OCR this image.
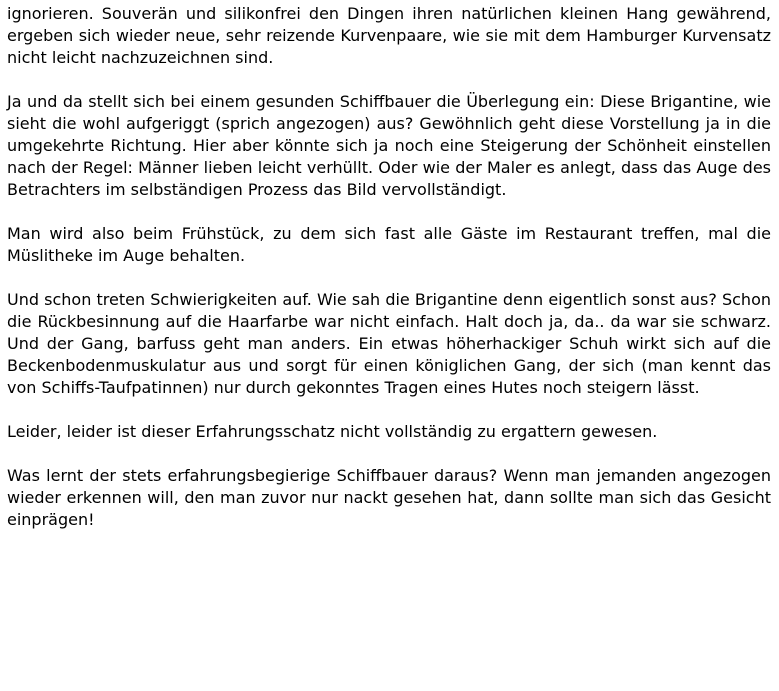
ignorieren. Souverän und silikonfrei den Dingen ihren natürlichen kleinen Hang gewährend, ergeben sich wieder neue, sehr reizende Kurvenpaare, wie sie mit dem Hamburger Kurvensatz nicht leicht nachzuzeichnen sind.

Ja und da stellt sich bei einem gesunden Schiffbauer die Überlegung ein: Diese Brigantine, wie sieht die wohl aufgeriggt (sprich angezogen) aus? Gewöhnlich geht diese Vorstellung ja in die umgekehrte Richtung. Hier aber könnte sich ja noch eine Steigerung der Schönheit einstellen nach der Regel: Männer lieben leicht verhüllt. Oder wie der Maler es anlegt, dass das Auge des Betrachters im selbständigen Prozess das Bild vervollständigt.

Man wird also beim Frühstück, zu dem sich fast alle Gäste im Restaurant treffen, mal die Müslitheke im Auge behalten.

Und schon treten Schwierigkeiten auf. Wie sah die Brigantine denn eigentlich sonst aus? Schon die Rückbesinnung auf die Haarfarbe war nicht einfach. Halt doch ja, da.. da war sie schwarz. Und der Gang, barfuss geht man anders. Ein etwas höherhackiger Schuh wirkt sich auf die Beckenbodenmuskulatur aus und sorgt für einen königlichen Gang, der sich (man kennt das von Schiffs-Taufpatinnen) nur durch gekonntes Tragen eines Hutes noch steigern lässt.

Leider, leider ist dieser Erfahrungsschatz nicht vollständig zu ergattern gewesen.

Was lernt der stets erfahrungsbegierige Schiffbauer daraus? Wenn man jemanden angezogen wieder erkennen will, den man zuvor nur nackt gesehen hat, dann sollte man sich das Gesicht einprägen!
